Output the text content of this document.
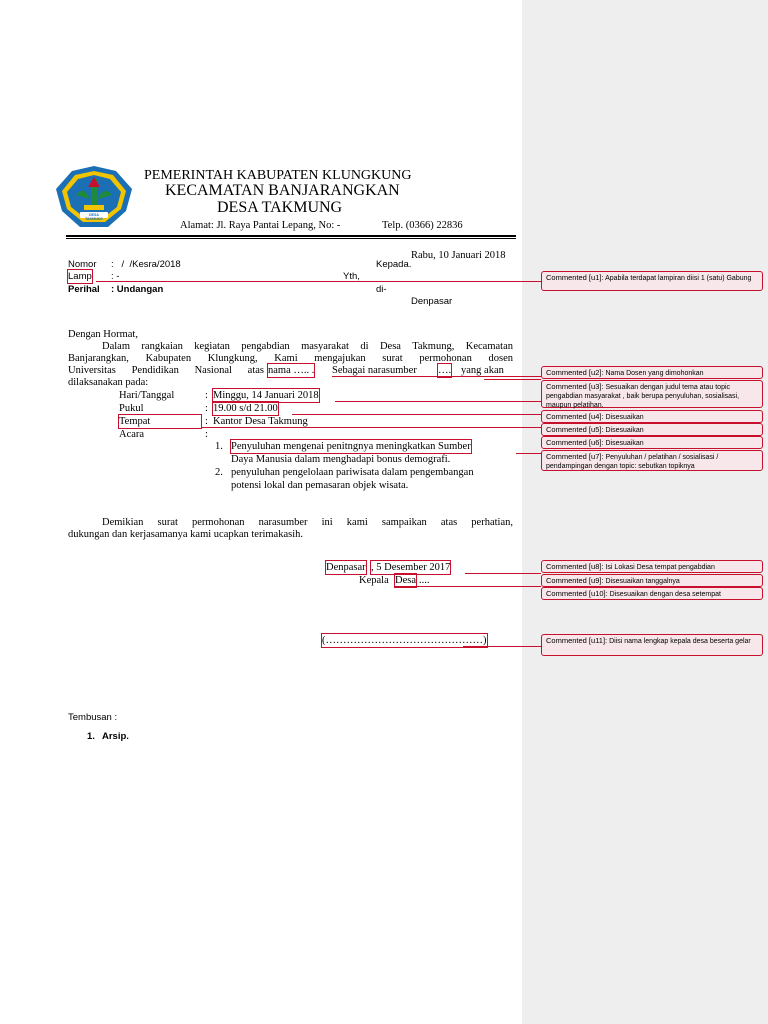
DESA TAKMUNG
PEMERINTAH KABUPATEN KLUNGKUNG
KECAMATAN BANJARANGKAN
DESA TAKMUNG
Alamat: Jl. Raya Pantai Lepang, No: -	Telp. (0366) 22836
Rabu, 10 Januari 2018
Nomor :   /  /Kesra/2018	Kepada.
Lamp : -	Yth,
Perihal : Undangan	di-
Denpasar
Dengan Hormat,
Dalam rangkaian kegiatan pengabdian masyarakat di Desa Takmung, Kecamatan
Banjarangkan, Kabupaten Klungkung, Kami mengajukan surat permohonan dosen
Universitas Pendidikan Nasional atas nama ….. . Sebagai narasumber …. yang akan
dilaksanakan pada:
Hari/Tanggal	: Minggu, 14 Januari 2018
Pukul	: 19.00 s/d 21.00
Tempat	: Kantor Desa Takmung
Acara	:
1. Penyuluhan mengenai penitngnya meningkatkan Sumber
Daya Manusia dalam menghadapi bonus demografi.
2. penyuluhan pengelolaan pariwisata dalam pengembangan
potensi lokal dan pemasaran objek wisata.
Demikian surat permohonan narasumber ini kami sampaikan atas perhatian,
dukungan dan kerjasamanya kami ucapkan terimakasih.
Denpasar , 5 Desember 2017
Kepala Desa ....
(………………………………………)
Tembusan :
1. Arsip.
Commented [u1]: Apabila terdapat lampiran diisi 1 (satu) Gabung
Commented [u2]: Nama Dosen yang dimohonkan
Commented [u3]: Sesuaikan dengan judul tema atau topic pengabdian masyarakat , baik berupa penyuluhan, sosialisasi, maupun pelatihan.
Commented [u4]: Disesuaikan
Commented [u5]: Disesuaikan
Commented [u6]: Disesuaikan
Commented [u7]: Penyuluhan / pelatihan / sosialisasi / pendampingan dengan topic: sebutkan topiknya
Commented [u8]: Isi Lokasi Desa tempat pengabdian
Commented [u9]: Disesuaikan tanggalnya
Commented [u10]: Disesuaikan dengan desa setempat
Commented [u11]: Diisi nama lengkap kepala desa beserta gelar
